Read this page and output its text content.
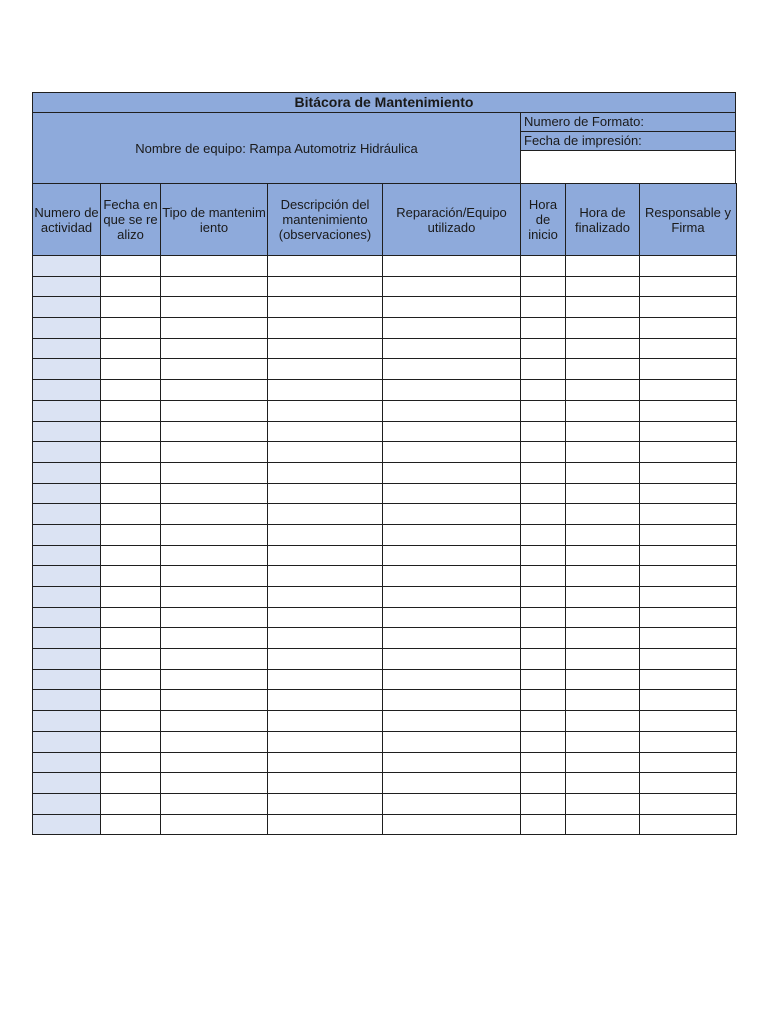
Bitácora de Mantenimiento
Nombre de equipo: Rampa Automotriz Hidráulica
Numero de Formato:
Fecha de impresión:
Numero de actividad	Fecha en que se realizo	Tipo de mantenimiento	Descripción del mantenimiento (observaciones)	Reparación/Equipo utilizado	Hora de inicio	Hora de finalizado	Responsable y Firma
